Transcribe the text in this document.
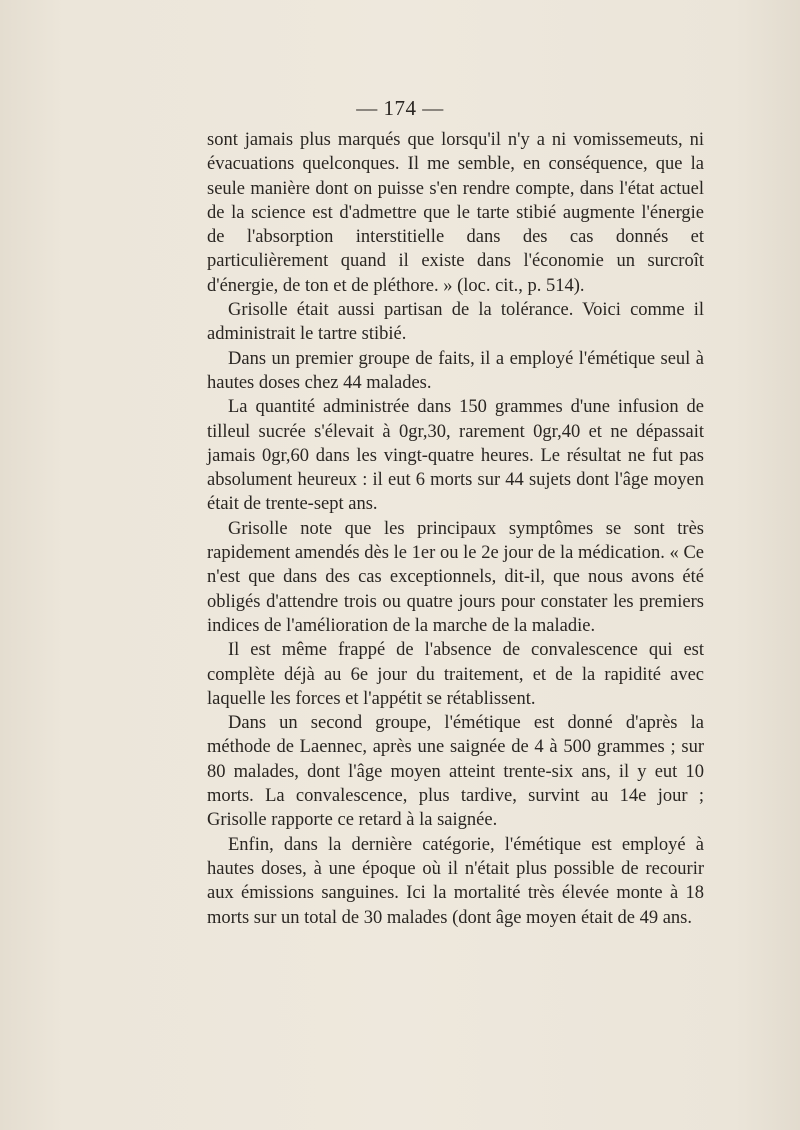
— 174 —

sont jamais plus marqués que lorsqu'il n'y a ni vomissemeuts, ni évacuations quelconques. Il me semble, en conséquence, que la seule manière dont on puisse s'en rendre compte, dans l'état actuel de la science est d'admettre que le tarte stibié augmente l'énergie de l'absorption interstitielle dans des cas donnés et particulièrement quand il existe dans l'économie un surcroît d'énergie, de ton et de pléthore. » (loc. cit., p. 514).

Grisolle était aussi partisan de la tolérance. Voici comme il administrait le tartre stibié.

Dans un premier groupe de faits, il a employé l'émétique seul à hautes doses chez 44 malades.

La quantité administrée dans 150 grammes d'une infusion de tilleul sucrée s'élevait à 0gr,30, rarement 0gr,40 et ne dépassait jamais 0gr,60 dans les vingt-quatre heures. Le résultat ne fut pas absolument heureux : il eut 6 morts sur 44 sujets dont l'âge moyen était de trente-sept ans.

Grisolle note que les principaux symptômes se sont très rapidement amendés dès le 1er ou le 2e jour de la médication. « Ce n'est que dans des cas exceptionnels, dit-il, que nous avons été obligés d'attendre trois ou quatre jours pour constater les premiers indices de l'amélioration de la marche de la maladie.

Il est même frappé de l'absence de convalescence qui est complète déjà au 6e jour du traitement, et de la rapidité avec laquelle les forces et l'appétit se rétablissent.

Dans un second groupe, l'émétique est donné d'après la méthode de Laennec, après une saignée de 4 à 500 grammes ; sur 80 malades, dont l'âge moyen atteint trente-six ans, il y eut 10 morts. La convalescence, plus tardive, survint au 14e jour ; Grisolle rapporte ce retard à la saignée.

Enfin, dans la dernière catégorie, l'émétique est employé à hautes doses, à une époque où il n'était plus possible de recourir aux émissions sanguines. Ici la mortalité très élevée monte à 18 morts sur un total de 30 malades (dont âge moyen était de 49 ans.
